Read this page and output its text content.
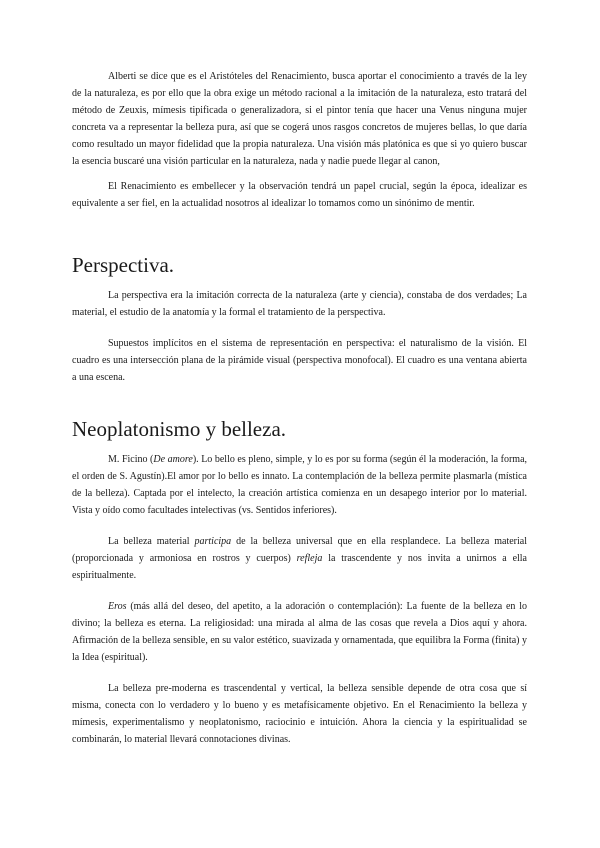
Alberti se dice que es el Aristóteles del Renacimiento, busca aportar el conocimiento a través de la ley de la naturaleza, es por ello que la obra exige un método racional a la imitación de la naturaleza, esto tratará del método de Zeuxis, mímesis tipificada o generalizadora, si el pintor tenía que hacer una Venus ninguna mujer concreta va a representar la belleza pura, así que se cogerá unos rasgos concretos de mujeres bellas, lo que daría como resultado un mayor fidelidad que la propia naturaleza. Una visión más platónica es que si yo quiero buscar la esencia buscaré una visión particular en la naturaleza, nada y nadie puede llegar al canon,

El Renacimiento es embellecer y la observación tendrá un papel crucial, según la época, idealizar es equivalente a ser fiel, en la actualidad nosotros al idealizar lo tomamos como un sinónimo de mentir.

Perspectiva.

La perspectiva era la imitación correcta de la naturaleza (arte y ciencia), constaba de dos verdades; La material, el estudio de la anatomía y la formal el tratamiento de la perspectiva.

Supuestos implícitos en el sistema de representación en perspectiva: el naturalismo de la visión. El cuadro es una intersección plana de la pirámide visual (perspectiva monofocal). El cuadro es una ventana abierta a una escena.

Neoplatonismo y belleza.

M. Ficino (De amore). Lo bello es pleno, simple, y lo es por su forma (según él la moderación, la forma, el orden de S. Agustín).El amor por lo bello es innato. La contemplación de la belleza permite plasmarla (mística de la belleza). Captada por el intelecto, la creación artística comienza en un desapego interior por lo material. Vista y oído como facultades intelectivas (vs. Sentidos inferiores).

La belleza material participa de la belleza universal que en ella resplandece. La belleza material (proporcionada y armoniosa en rostros y cuerpos) refleja la trascendente y nos invita a unirnos a ella espiritualmente.

Eros (más allá del deseo, del apetito, a la adoración o contemplación): La fuente de la belleza en lo divino; la belleza es eterna. La religiosidad: una mirada al alma de las cosas que revela a Dios aquí y ahora. Afirmación de la belleza sensible, en su valor estético, suavizada y ornamentada, que equilibra la Forma (finita) y la Idea (espiritual).

La belleza pre-moderna es trascendental y vertical, la belleza sensible depende de otra cosa que sí misma, conecta con lo verdadero y lo bueno y es metafísicamente objetivo. En el Renacimiento la belleza y mímesis, experimentalismo y neoplatonismo, raciocinio e intuición. Ahora la ciencia y la espiritualidad se combinarán, lo material llevará connotaciones divinas.
